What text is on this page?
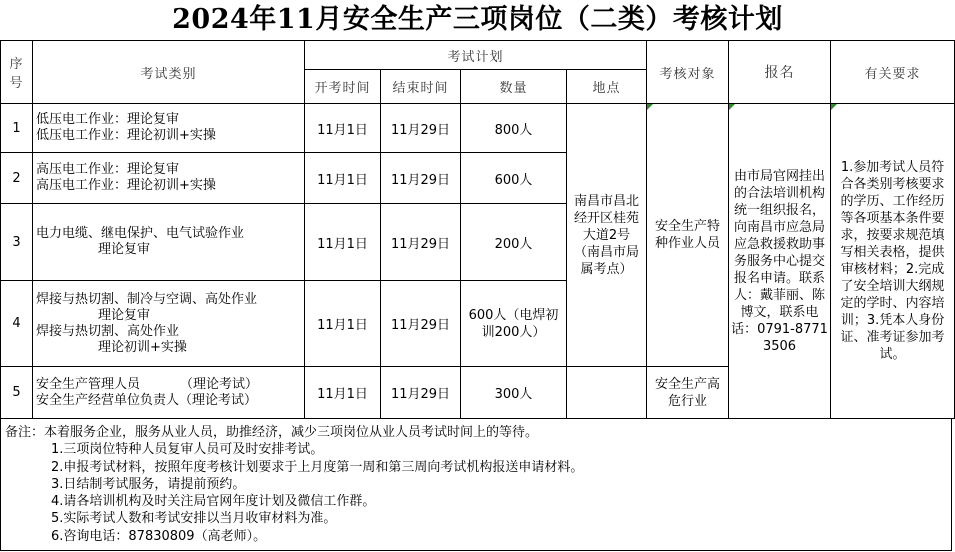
2024年11月安全生产三项岗位（二类）考核计划
序号	考试类别	考试计划				考核对象	报名	有关要求
		开考时间	结束时间	数量	地点			
1	低压电工作业：理论复审
低压电工作业：理论初训+实操	11月1日	11月29日	800人	南昌市昌北经开区桂苑大道2号（南昌市局属考点）	安全生产特种作业人员	由市局官网挂出的合法培训机构统一组织报名，向南昌市应急局应急救援救助事务服务中心提交报名申请。联系人：戴菲丽、陈博文，联系电话：0791-87713506	1.参加考试人员符合各类别考核要求的学历、工作经历等各项基本条件要求，按要求规范填写相关表格，提供审核材料；2.完成了安全培训大纲规定的学时、内容培训；3.凭本人身份证、准考证参加考试。
2	高压电工作业：理论复审
高压电工作业：理论初训+实操	11月1日	11月29日	600人				
3	电力电缆、继电保护、电气试验作业
理论复审	11月1日	11月29日	200人				
4	焊接与热切割、制冷与空调、高处作业
理论复审
焊接与热切割、高处作业
理论初训+实操	11月1日	11月29日	600人（电焊初训200人）				
5	安全生产管理人员 （理论考试）
安全生产经营单位负责人（理论考试）	11月1日	11月29日	300人		安全生产高危行业		
备注：本着服务企业，服务从业人员，助推经济，减少三项岗位从业人员考试时间上的等待。
1.三项岗位特种人员复审人员可及时安排考试。
2.申报考试材料，按照年度考核计划要求于上月度第一周和第三周向考试机构报送申请材料。
3.日结制考试服务，请提前预约。
4.请各培训机构及时关注局官网年度计划及微信工作群。
5.实际考试人数和考试安排以当月收审材料为准。
6.咨询电话：87830809（高老师）。
